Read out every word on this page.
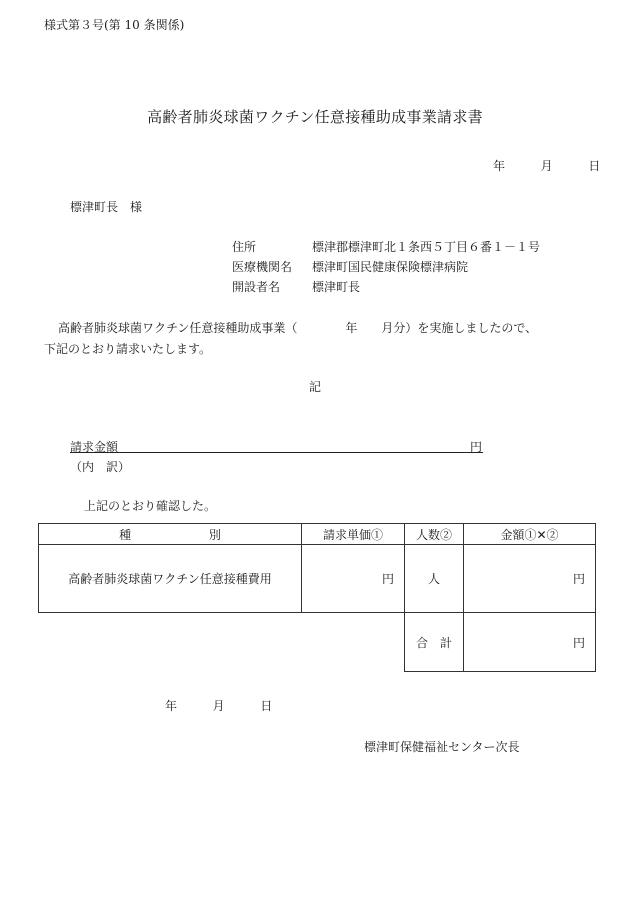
様式第３号(第 10 条関係)
高齢者肺炎球菌ワクチン任意接種助成事業請求書
年	月	日
標津町長　様
住所	標津郡標津町北１条西５丁目６番１－１号
医療機関名 標津町国民健康保険標津病院
開設者名	標津町長
高齢者肺炎球菌ワクチン任意接種助成事業（　　　　年　　月分）を実施しましたので、
下記のとおり請求いたします。
記
請求金額	円
（内　訳）
上記のとおり確認した。
種 別	請求単価①	人数②	金額①✕②
高齢者肺炎球菌ワクチン任意接種費用	円	人	円
		合　計	円
年	月	日
標津町保健福祉センター次長
